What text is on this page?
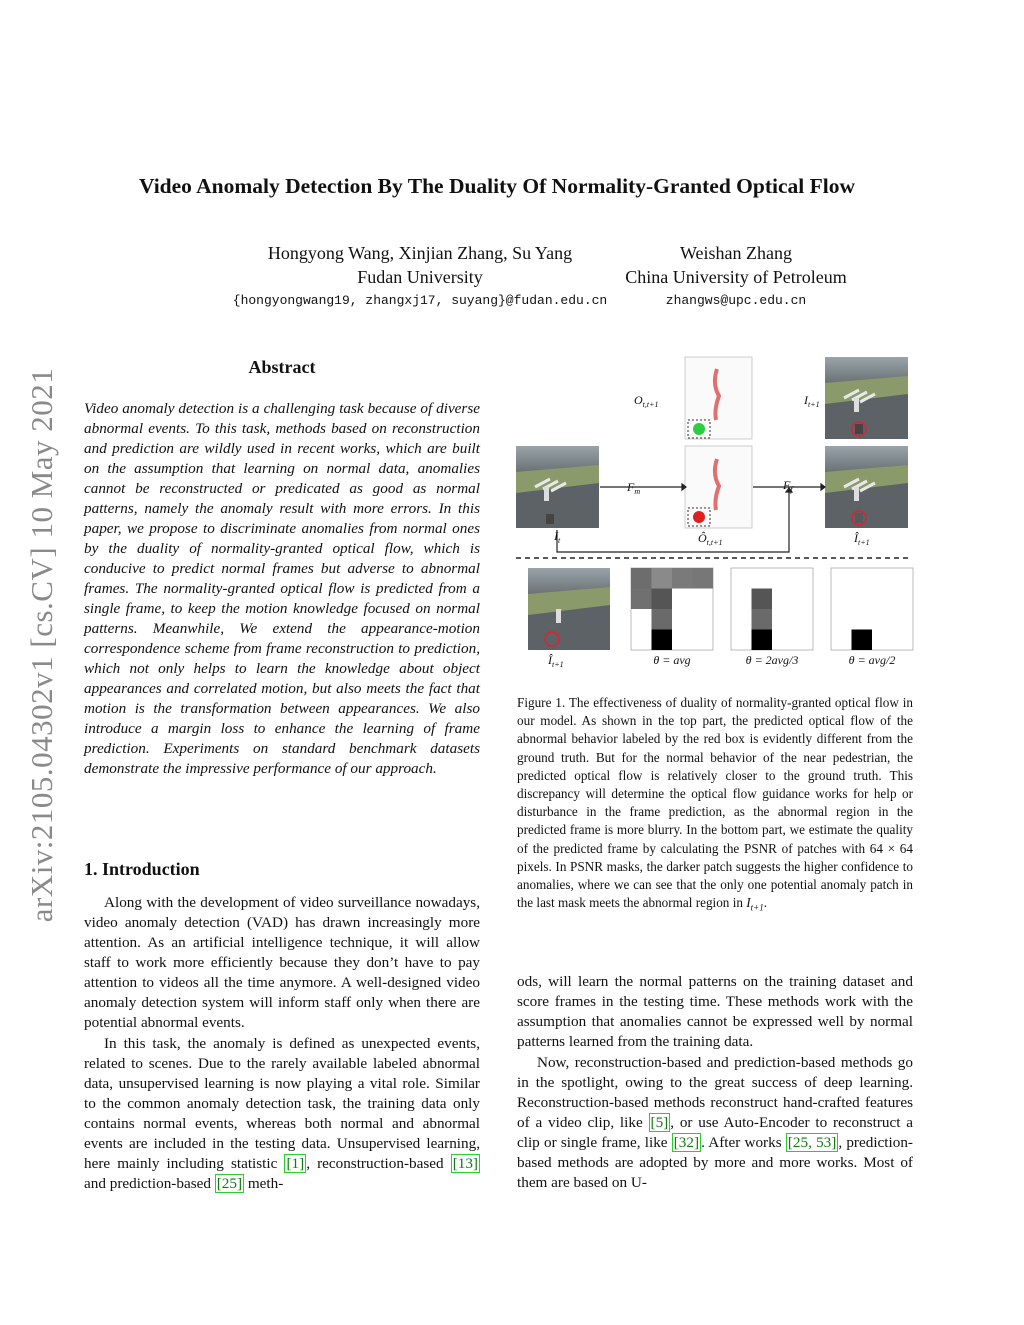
arXiv:2105.04302v1 [cs.CV] 10 May 2021
Video Anomaly Detection By The Duality Of Normality-Granted Optical Flow
Hongyong Wang, Xinjian Zhang, Su Yang
Fudan University
{hongyongwang19, zhangxj17, suyang}@fudan.edu.cn
Weishan Zhang
China University of Petroleum
zhangws@upc.edu.cn
Abstract
Video anomaly detection is a challenging task because of diverse abnormal events. To this task, methods based on reconstruction and prediction are wildly used in recent works, which are built on the assumption that learning on normal data, anomalies cannot be reconstructed or predicated as good as normal patterns, namely the anomaly result with more errors. In this paper, we propose to discriminate anomalies from normal ones by the duality of normality-granted optical flow, which is conducive to predict normal frames but adverse to abnormal frames. The normality-granted optical flow is predicted from a single frame, to keep the motion knowledge focused on normal patterns. Meanwhile, We extend the appearance-motion correspondence scheme from frame reconstruction to prediction, which not only helps to learn the knowledge about object appearances and correlated motion, but also meets the fact that motion is the transformation between appearances. We also introduce a margin loss to enhance the learning of frame prediction. Experiments on standard benchmark datasets demonstrate the impressive performance of our approach.
1. Introduction
Along with the development of video surveillance nowadays, video anomaly detection (VAD) has drawn increasingly more attention. As an artificial intelligence technique, it will allow staff to work more efficiently because they don’t have to pay attention to videos all the time anymore. A well-designed video anomaly detection system will inform staff only when there are potential abnormal events.
In this task, the anomaly is defined as unexpected events, related to scenes. Due to the rarely available labeled abnormal data, unsupervised learning is now playing a vital role. Similar to the common anomaly detection task, the training data only contains normal events, whereas both normal and abnormal events are included in the testing data. Unsupervised learning, here mainly including statistic [1] , reconstruction-based [13] and prediction-based [25] meth-
ods, will learn the normal patterns on the training dataset and score frames in the testing time. These methods work with the assumption that anomalies cannot be expressed well by normal patterns learned from the training data.
Now, reconstruction-based and prediction-based methods go in the spotlight, owing to the great success of deep learning. Reconstruction-based methods reconstruct hand-crafted features of a video clip, like [5] , or use Auto-Encoder to reconstruct a clip or single frame, like [32] . After works [25, 53] , prediction-based methods are adopted by more and more works. Most of them are based on U-
$O_{t,t+1}$	$I_{t+1}$
$I_t$	$Ô_{t,t+1}$	$Î_{t+1}$
$F_m$	$F_f$
$Î_{t+1}$	θ = avg	θ = 2avg/3	θ = avg/2
Figure 1. The effectiveness of duality of normality-granted optical flow in our model. As shown in the top part, the predicted optical flow of the abnormal behavior labeled by the red box is evidently different from the ground truth. But for the normal behavior of the near pedestrian, the predicted optical flow is relatively closer to the ground truth. This discrepancy will determine the optical flow guidance works for help or disturbance in the frame prediction, as the abnormal region in the predicted frame is more blurry. In the bottom part, we estimate the quality of the predicted frame by calculating the PSNR of patches with 64 × 64 pixels. In PSNR masks, the darker patch suggests the higher confidence to anomalies, where we can see that the only one potential anomaly patch in the last mask meets the abnormal region in $I_{t+1}$.
